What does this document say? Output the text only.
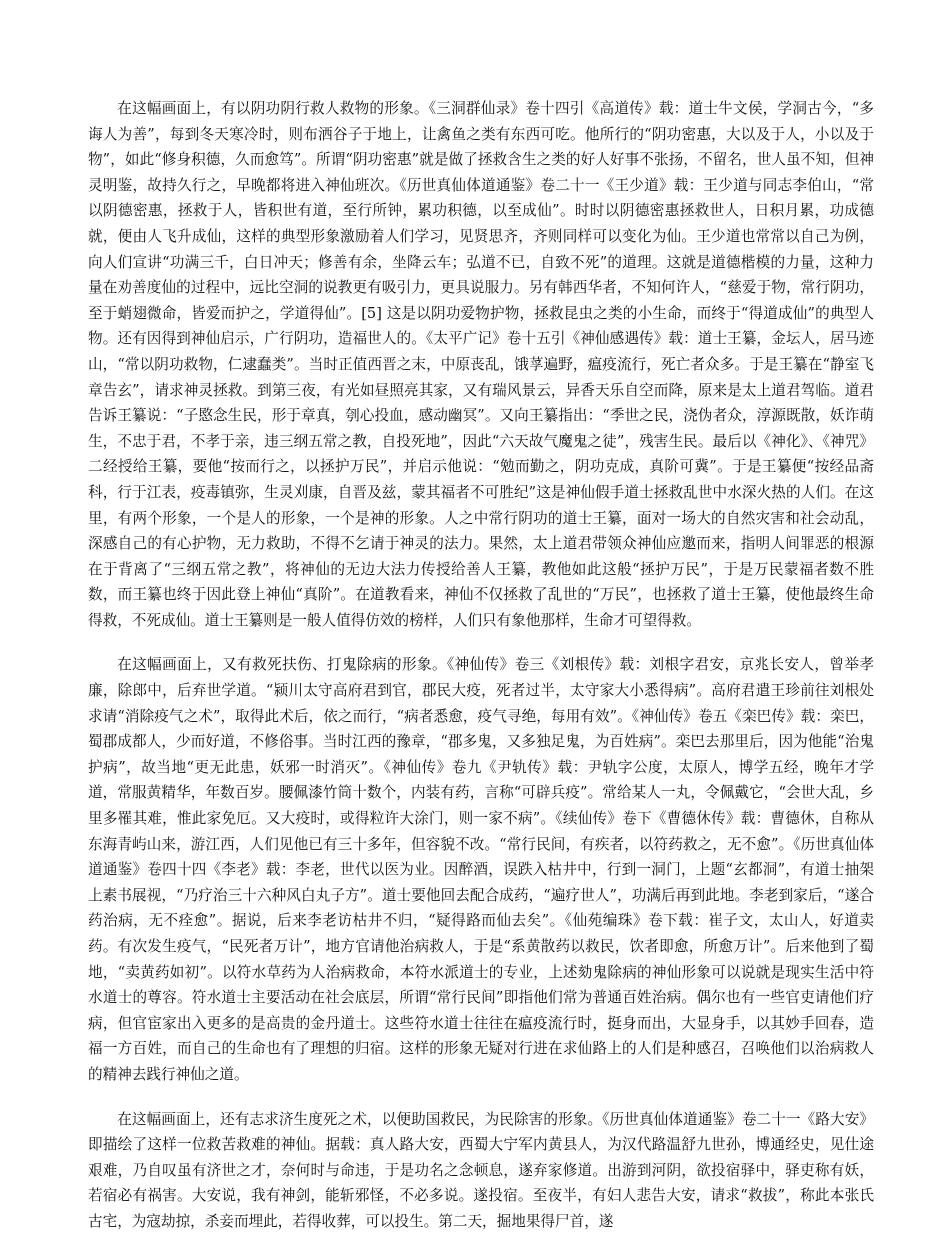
在这幅画面上，有以阴功阴行救人救物的形象。《三洞群仙录》卷十四引《高道传》载：道士牛文侯，学洞古今，“多诲人为善”，每到冬天寒冷时，则布洒谷子于地上，让禽鱼之类有东西可吃。他所行的“阴功密惠，大以及于人，小以及于物”，如此“修身积德，久而愈笃”。所谓“阴功密惠”就是做了拯救含生之类的好人好事不张扬，不留名，世人虽不知，但神灵明鉴，故持久行之，早晚都将进入神仙班次。《历世真仙体道通鉴》卷二十一《王少道》载：王少道与同志李伯山，“常以阴德密惠，拯救于人，皆积世有道，至行所钟，累功积德，以至成仙”。时时以阴德密惠拯救世人，日积月累，功成德就，便由人飞升成仙，这样的典型形象激励着人们学习，见贤思齐，齐则同样可以变化为仙。王少道也常常以自己为例，向人们宣讲“功满三千，白日冲天；修善有余，坐降云车；弘道不已，自致不死”的道理。这就是道德楷模的力量，这种力量在劝善度仙的过程中，远比空洞的说教更有吸引力，更具说服力。另有韩西华者，不知何许人，“慈爱于物，常行阴功，至于蛸翅微命，皆爱而护之，学道得仙”。[5] 这是以阴功爱物护物，拯救昆虫之类的小生命，而终于“得道成仙”的典型人物。还有因得到神仙启示，广行阴功，造福世人的。《太平广记》卷十五引《神仙感遇传》载：道士王纂，金坛人，居马迹山，“常以阴功救物，仁逮蠢类”。当时正值西晋之末，中原丧乱，饿莩遍野，瘟疫流行，死亡者众多。于是王纂在“静室飞章告玄”，请求神灵拯救。到第三夜，有光如昼照亮其家，又有瑞风景云，异香天乐自空而降，原来是太上道君驾临。道君告诉王纂说：“子愍念生民，形于章真，刳心投血，感动幽冥”。又向王纂指出：“季世之民，浇伪者众，淳源既散，妖诈萌生，不忠于君，不孝于亲，违三纲五常之教，自投死地”，因此“六天故气魔鬼之徒”，残害生民。最后以《神化》、《神咒》二经授给王纂，要他“按而行之，以拯护万民”，并启示他说：“勉而勤之，阴功克成，真阶可冀”。于是王纂便“按经品斋科，行于江表，疫毒镇弥，生灵刈康，自晋及兹，蒙其福者不可胜纪”这是神仙假手道士拯救乱世中水深火热的人们。在这里，有两个形象，一个是人的形象，一个是神的形象。人之中常行阴功的道士王纂，面对一场大的自然灾害和社会动乱，深感自己的有心护物，无力救助，不得不乞请于神灵的法力。果然，太上道君带领众神仙应邀而来，指明人间罪恶的根源在于背离了“三纲五常之教”，将神仙的无边大法力传授给善人王纂，教他如此这般“拯护万民”，于是万民蒙福者数不胜数，而王纂也终于因此登上神仙“真阶”。在道教看来，神仙不仅拯救了乱世的“万民”，也拯救了道士王纂，使他最终生命得救，不死成仙。道士王纂则是一般人值得仿效的榜样，人们只有象他那样，生命才可望得救。

在这幅画面上，又有救死扶伤、打鬼除病的形象。《神仙传》卷三《刘根传》载：刘根字君安，京兆长安人，曾举孝廉，除郎中，后弃世学道。“颍川太守高府君到官，郡民大疫，死者过半，太守家大小悉得病”。高府君遣王珍前往刘根处求请“消除疫气之术”，取得此术后，依之而行，“病者悉愈，疫气寻绝，每用有效”。《神仙传》卷五《栾巴传》载：栾巴，蜀郡成都人，少而好道，不修俗事。当时江西的豫章，“郡多鬼，又多独足鬼，为百姓病”。栾巴去那里后，因为他能“治鬼护病”，故当地“更无此患，妖邪一时消灭”。《神仙传》卷九《尹轨传》载：尹轨字公度，太原人，博学五经，晚年才学道，常服黄精华，年数百岁。腰佩漆竹筒十数个，内装有药，言称“可辟兵疫”。常给某人一丸，令佩戴它，“会世大乱，乡里多罹其难，惟此家免厄。又大疫时，或得粒许大涂门，则一家不病”。《续仙传》卷下《曹德休传》载：曹德休，自称从东海青屿山来，游江西，人们见他已有三十多年，但容貌不改。“常行民间，有疾者，以符药救之，无不愈”。《历世真仙体道通鉴》卷四十四《李老》载：李老，世代以医为业。因醉酒，误跌入枯井中，行到一洞门，上题“玄都洞”，有道士抽架上素书展视，“乃疗治三十六种风白丸子方”。道士要他回去配合成药，“遍疗世人”，功满后再到此地。李老到家后，“遂合药治病，无不痊愈”。据说，后来李老访枯井不归，“疑得路而仙去矣”。《仙苑编珠》卷下载：崔子文，太山人，好道卖药。有次发生疫气，“民死者万计”，地方官请他治病救人，于是“系黄散药以救民，饮者即愈，所愈万计”。后来他到了蜀地，“卖黄药如初”。以符水草药为人治病救命，本符水派道士的专业，上述劾鬼除病的神仙形象可以说就是现实生活中符水道士的尊容。符水道士主要活动在社会底层，所谓“常行民间”即指他们常为普通百姓治病。偶尔也有一些官吏请他们疗病，但官宦家出入更多的是高贵的金丹道士。这些符水道士往往在瘟疫流行时，挺身而出，大显身手，以其妙手回春，造福一方百姓，而自己的生命也有了理想的归宿。这样的形象无疑对行进在求仙路上的人们是种感召，召唤他们以治病救人的精神去践行神仙之道。

在这幅画面上，还有志求济生度死之术，以便助国救民，为民除害的形象。《历世真仙体道通鉴》卷二十一《路大安》即描绘了这样一位救苦救难的神仙。据载：真人路大安，西蜀大宁军内黄县人，为汉代路温舒九世孙，博通经史，见仕途艰难，乃自叹虽有济世之才，奈何时与命违，于是功名之念顿息，遂弃家修道。出游到河阴，欲投宿驿中，驿吏称有妖，若宿必有祸害。大安说，我有神剑，能斩邪怪，不必多说。遂投宿。至夜半，有妇人悲告大安，请求“救拔”，称此本张氏古宅，为寇劫掠，杀妾而埋此，若得收葬，可以投生。第二天，掘地果得尸首，遂
